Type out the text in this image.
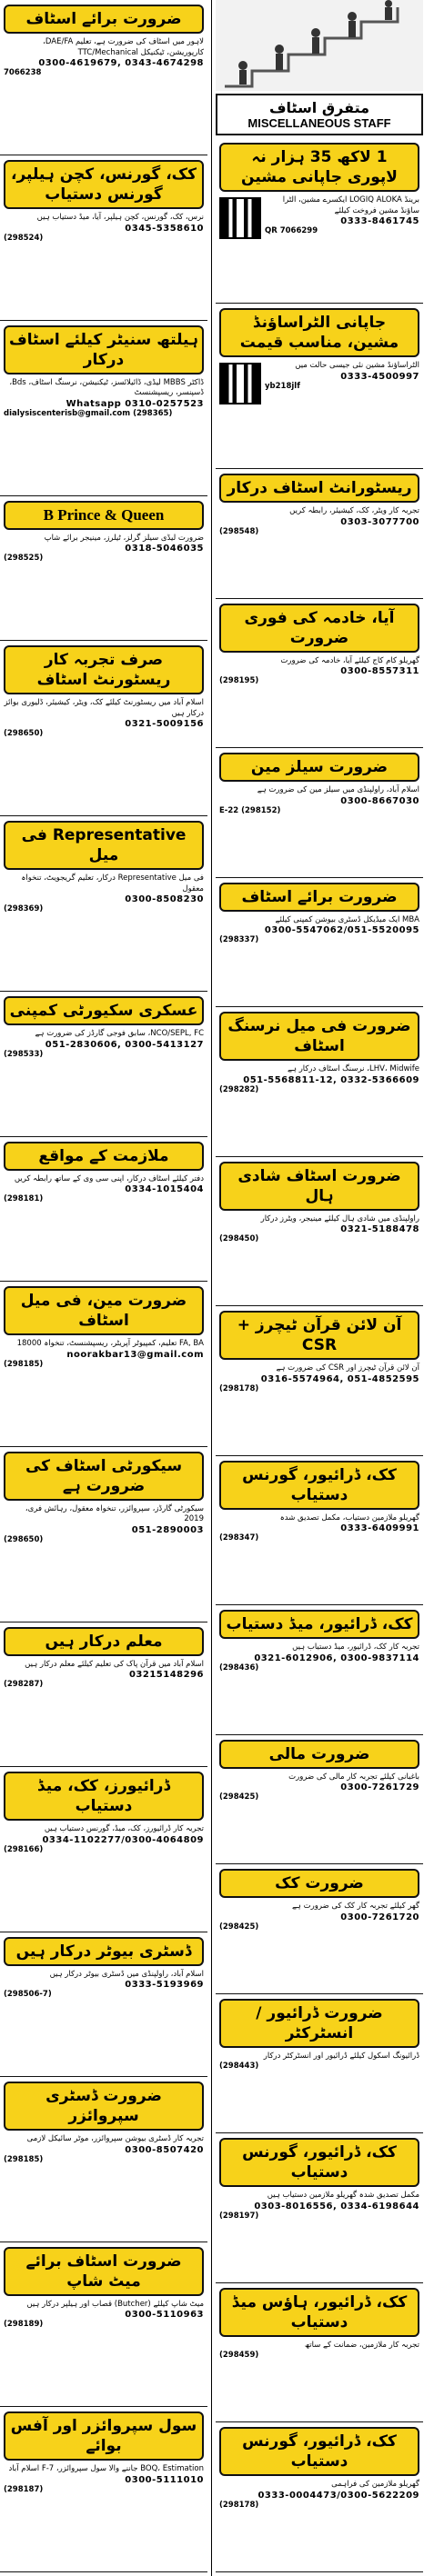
ضرورت برائے اسٹاف
لاہور میں اسٹاف کی ضرورت ہے، تعلیم DAE/FA، کارپوریشن، ٹیکنیکل TTC/Mechanical
0300-4619679, 0343-4674298
7066238
کک، گورنس، کچن ہیلپر، گورنس دستیاب
نرس، کک، گورنس، کچن ہیلپر، آیا، میڈ دستیاب ہیں
0345-5358610
(298524)
ہیلتھ سنیٹر کیلئے اسٹاف درکار
ڈاکٹر MBBS لیڈی، ڈائیلائسز، ٹیکنیشن، نرسنگ اسٹاف، Bds، ڈسپنسر، ریسپشنسٹ
Whatsapp 0310-0257523
dialysiscenterisb@gmail.com (298365)
B Prince & Queen
ضرورت لیڈی سیلز گرلز، ٹیلرز، مینیجر برائے شاپ
0318-5046035
(298525)
صرف تجربہ کار ریسٹورنٹ اسٹاف
اسلام آباد میں ریسٹورنٹ کیلئے کک، ویٹر، کیشیئر، ڈلیوری بوائز درکار ہیں
0321-5009156
(298650)
Representative فی میل
فی میل Representative درکار، تعلیم گریجویٹ، تنخواہ معقول
0300-8508230
(298369)
عسکری سکیورٹی کمپنی
NCO/SEPL, FC، سابق فوجی گارڈز کی ضرورت ہے
051-2830606, 0300-5413127
(298533)
ملازمت کے مواقع
دفتر کیلئے اسٹاف درکار، اپنی سی وی کے ساتھ رابطہ کریں
0334-1015404
(298181)
ضرورت مین، فی میل اسٹاف
FA, BA تعلیم، کمپیوٹر آپریٹر، ریسپشنسٹ، تنخواہ 18000
noorakbar13@gmail.com
(298185)
سیکورٹی اسٹاف کی ضرورت ہے
سیکورٹی گارڈز، سپروائزر، تنخواہ معقول، رہائش فری، 2019
051-2890003
(298650)
معلم درکار ہیں
اسلام آباد میں قرآن پاک کی تعلیم کیلئے معلم درکار ہیں
03215148296
(298287)
ڈرائیورز، کک، میڈ دستیاب
تجربہ کار ڈرائیورز، کک، میڈ، گورنس دستیاب ہیں
0334-1102277/0300-4064809
(298166)
ڈسٹری بیوٹر درکار ہیں
اسلام آباد، راولپنڈی میں ڈسٹری بیوٹر درکار ہیں
0333-5193969
(298506-7)
ضرورت ڈسٹری سپروائزر
تجربہ کار ڈسٹری بیوشن سپروائزر، موٹر سائیکل لازمی
0300-8507420
(298185)
ضرورت اسٹاف برائے میٹ شاپ
میٹ شاپ کیلئے (Butcher) قصاب اور ہیلپر درکار ہیں
0300-5110963
(298189)
سول سپروائزر اور آفس بوائے
BOQ، Estimation جاننے والا سول سپروائزر، F-7 اسلام آباد
0300-5111010
(298187)
متفرق اسٹاف
MISCELLANEOUS STAFF
1 لاکھ 35 ہزار نہ لاپوری جاپانی مشین
برینڈ LOGIQ ALOKA ایکسرے مشین، الٹرا ساؤنڈ مشین فروخت کیلئے
0333-8461745
QR 7066299
جاپانی الٹراساؤنڈ مشین، مناسب قیمت
الٹراساؤنڈ مشین نئی جیسی حالت میں
0333-4500997
yb218jlf
ریسٹورانٹ اسٹاف درکار
تجربہ کار ویٹر، کک، کیشیئر، رابطہ کریں
0303-3077700
(298548)
آیا، خادمہ کی فوری ضرورت
گھریلو کام کاج کیلئے آیا، خادمہ کی ضرورت
0300-8557311
(298195)
ضرورت سیلز مین
اسلام آباد، راولپنڈی میں سیلز مین کی ضرورت ہے
0300-8667030
E-22 (298152)
ضرورت برائے اسٹاف
MBA ایک میڈیکل ڈسٹری بیوشن کمپنی کیلئے
0300-5547062/051-5520095
(298337)
ضرورت فی میل نرسنگ اسٹاف
LHV، Midwife، نرسنگ اسٹاف درکار ہے
051-5568811-12, 0332-5366609
(298282)
ضرورت اسٹاف شادی ہال
راولپنڈی میں شادی ہال کیلئے مینیجر، ویٹرز درکار
0321-5188478
(298450)
آن لائن قرآن ٹیچرز + CSR
آن لائن قرآن ٹیچرز اور CSR کی ضرورت ہے
0316-5574964, 051-4852595
(298178)
کک، ڈرائیور، گورنس دستیاب
گھریلو ملازمین دستیاب، مکمل تصدیق شدہ
0333-6409991
(298347)
کک، ڈرائیور، میڈ دستیاب
تجربہ کار کک، ڈرائیور، میڈ دستیاب ہیں
0321-6012906, 0300-9837114
(298436)
ضرورت مالی
باغبانی کیلئے تجربہ کار مالی کی ضرورت
0300-7261729
(298425)
ضرورت کک
گھر کیلئے تجربہ کار کک کی ضرورت ہے
0300-7261720
(298425)
ضرورت ڈرائیور / انسٹرکٹر
ڈرائیونگ اسکول کیلئے ڈرائیور اور انسٹرکٹر درکار
(298443)
کک، ڈرائیور، گورنس دستیاب
مکمل تصدیق شدہ گھریلو ملازمین دستیاب ہیں
0303-8016556, 0334-6198644
(298197)
کک، ڈرائیور، ہاؤس میڈ دستیاب
تجربہ کار ملازمین، ضمانت کے ساتھ
(298459)
کک، ڈرائیور، گورنس دستیاب
گھریلو ملازمین کی فراہمی
0333-0004473/0300-5622209
(298178)
